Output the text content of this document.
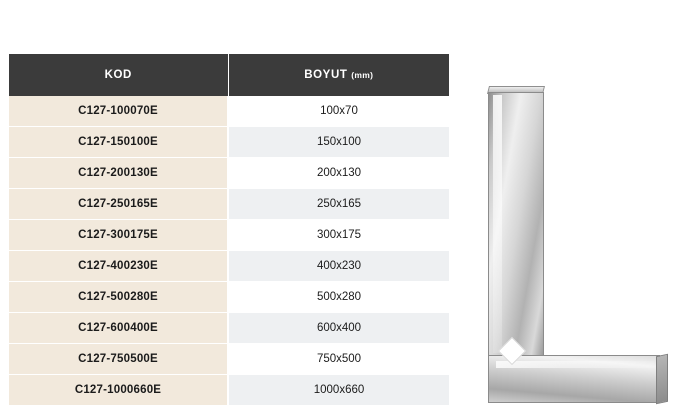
KOD	BOYUT (mm)
C127-100070E	100x70
C127-150100E	150x100
C127-200130E	200x130
C127-250165E	250x165
C127-300175E	300x175
C127-400230E	400x230
C127-500280E	500x280
C127-600400E	600x400
C127-750500E	750x500
C127-1000660E	1000x660
